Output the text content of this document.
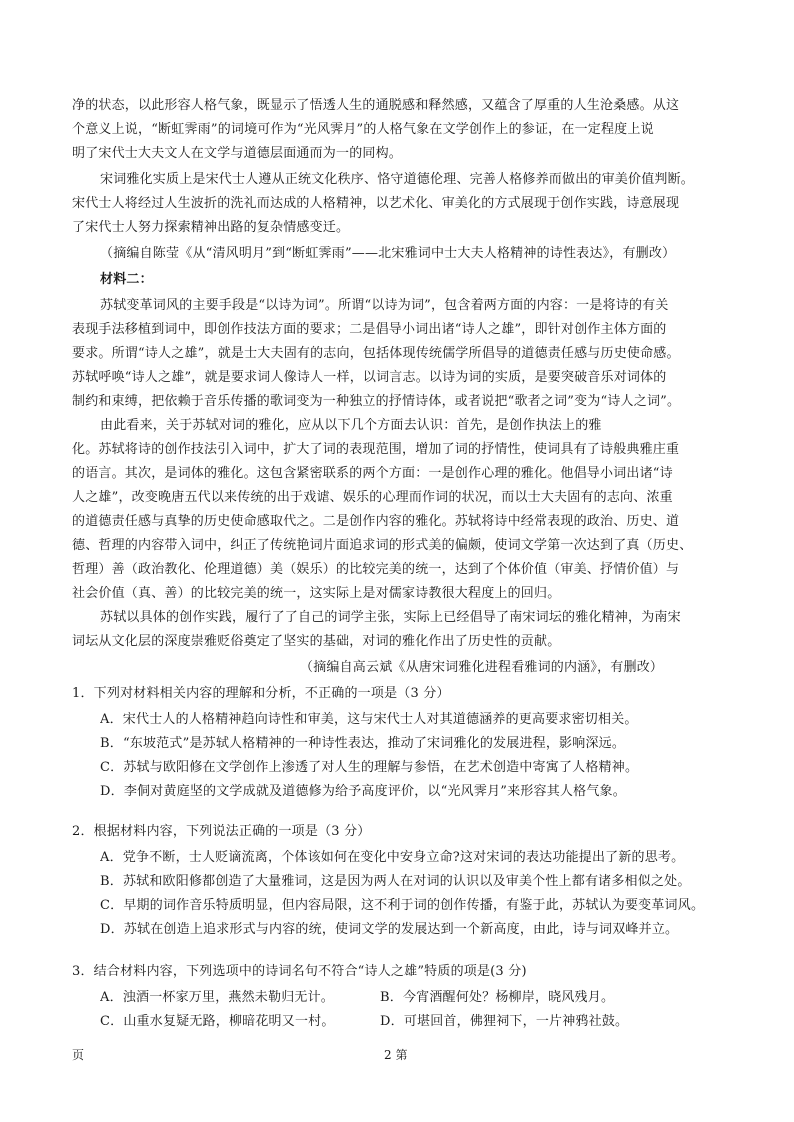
净的状态，以此形容人格气象，既显示了悟透人生的通脱感和释然感，又蕴含了厚重的人生沧桑感。从这
个意义上说，“断虹霁雨”的词境可作为“光风霁月”的人格气象在文学创作上的参证，在一定程度上说
明了宋代士大夫文人在文学与道德层面通而为一的同构。
宋词雅化实质上是宋代士人遵从正统文化秩序、恪守道德伦理、完善人格修养而做出的审美价值判断。
宋代士人将经过人生波折的洗礼而达成的人格精神，以艺术化、审美化的方式展现于创作实践，诗意展现
了宋代士人努力探索精神出路的复杂情感变迁。
（摘编自陈莹《从“清风明月”到“断虹霁雨”——北宋雅词中士大夫人格精神的诗性表达》，有删改）
材料二：
苏轼变革词风的主要手段是“以诗为词”。所谓“以诗为词”，包含着两方面的内容：一是将诗的有关
表现手法移植到词中，即创作技法方面的要求；二是倡导小词出诸“诗人之雄”，即针对创作主体方面的
要求。所谓“诗人之雄”，就是士大夫固有的志向，包括体现传统儒学所倡导的道德责任感与历史使命感。
苏轼呼唤“诗人之雄”，就是要求词人像诗人一样，以词言志。以诗为词的实质，是要突破音乐对词体的
制约和束缚，把依赖于音乐传播的歌词变为一种独立的抒情诗体，或者说把“歌者之词”变为“诗人之词”。
由此看来，关于苏轼对词的雅化，应从以下几个方面去认识：首先，是创作执法上的雅
化。苏轼将诗的创作技法引入词中，扩大了词的表现范围，增加了词的抒情性，使词具有了诗般典雅庄重
的语言。其次，是词体的雅化。这包含紧密联系的两个方面：一是创作心理的雅化。他倡导小词出诸“诗
人之雄”，改变晚唐五代以来传统的出于戏谑、娱乐的心理而作词的状况，而以士大夫固有的志向、浓重
的道德责任感与真挚的历史使命感取代之。二是创作内容的雅化。苏轼将诗中经常表现的政治、历史、道
德、哲理的内容带入词中，纠正了传统艳词片面追求词的形式美的偏颇，使词文学第一次达到了真（历史、
哲理）善（政治教化、伦理道德）美（娱乐）的比较完美的统一，达到了个体价值（审美、抒情价值）与
社会价值（真、善）的比较完美的统一，这实际上是对儒家诗教很大程度上的回归。
苏轼以具体的创作实践，履行了了自己的词学主张，实际上已经倡导了南宋词坛的雅化精神，为南宋
词坛从文化层的深度崇雅贬俗奠定了坚实的基础，对词的雅化作出了历史性的贡献。
（摘编自高云斌《从唐宋词雅化进程看雅词的内涵》，有删改）
1．下列对材料相关内容的理解和分析，不正确的一项是（3 分）
A．宋代士人的人格精神趋向诗性和审美，这与宋代士人对其道德涵养的更高要求密切相关。
B．“东坡范式”是苏轼人格精神的一种诗性表达，推动了宋词雅化的发展进程，影响深远。
C．苏轼与欧阳修在文学创作上渗透了对人生的理解与参悟，在艺术创造中寄寓了人格精神。
D．李侗对黄庭坚的文学成就及道德修为给予高度评价，以“光风霁月”来形容其人格气象。
2．根据材料内容，下列说法正确的一项是（3 分）
A．党争不断，士人贬谪流离，个体该如何在变化中安身立命?这对宋词的表达功能提出了新的思考。
B．苏轼和欧阳修都创造了大量雅词，这是因为两人在对词的认识以及审美个性上都有诸多相似之处。
C．早期的词作音乐特质明显，但内容局限，这不利于词的创作传播，有鉴于此，苏轼认为要变革词风。
D．苏轼在创造上追求形式与内容的统，使词文学的发展达到一个新高度，由此，诗与词双峰并立。
3．结合材料内容，下列选项中的诗词名句不符合“诗人之雄”特质的项是(3 分)
A．浊酒一杯家万里，燕然未勒归无计。	B．今宵酒醒何处？杨柳岸，晓风残月。
C．山重水复疑无路，柳暗花明又一村。	D．可堪回首，佛狸祠下，一片神鸦社鼓。
页	2 第
